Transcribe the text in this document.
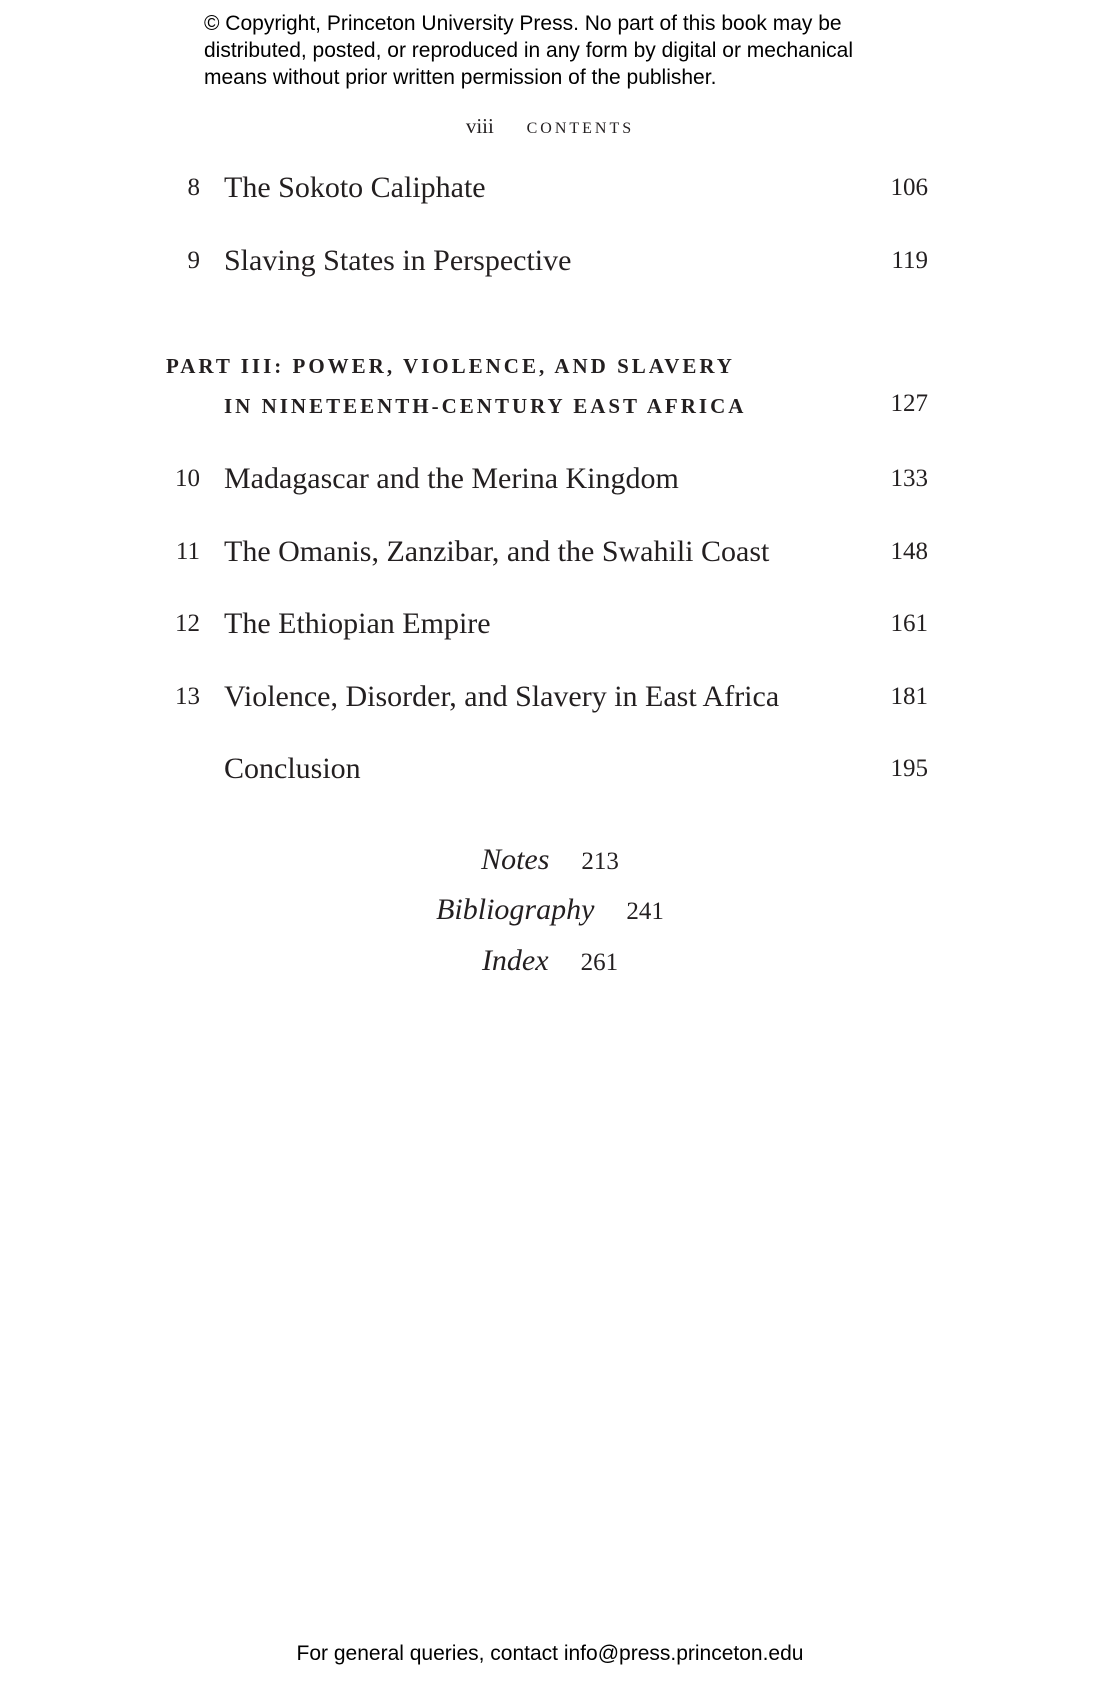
© Copyright, Princeton University Press. No part of this book may be
distributed, posted, or reproduced in any form by digital or mechanical
means without prior written permission of the publisher.
viii CONTENTS
8 The Sokoto Caliphate	106
9 Slaving States in Perspective	119
PART III: POWER, VIOLENCE, AND SLAVERY
IN NINETEENTH-CENTURY EAST AFRICA	127
10 Madagascar and the Merina Kingdom	133
11 The Omanis, Zanzibar, and the Swahili Coast	148
12 The Ethiopian Empire	161
13 Violence, Disorder, and Slavery in East Africa	181
Conclusion	195
Notes 213
Bibliography 241
Index 261
For general queries, contact info@press.princeton.edu
